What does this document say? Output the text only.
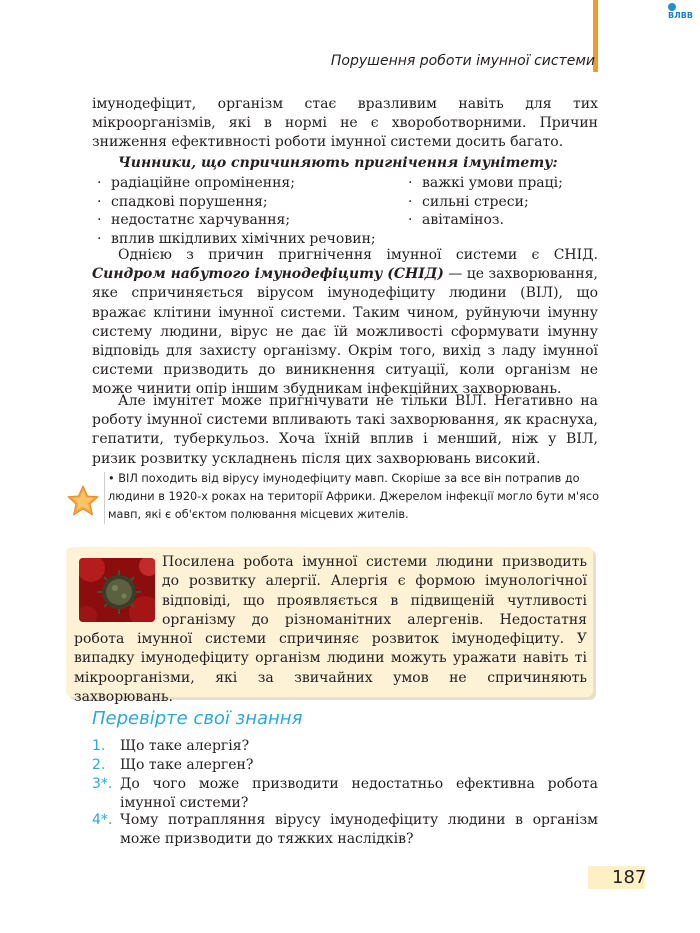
ВЛВВ
Порушення роботи імунної системи

імунодефіцит, організм стає вразливим навіть для тих мікроорганізмів, які в нормі не є хвороботворними. Причин зниження ефективності роботи імунної системи досить багато.

Чинники, що спричиняють пригнічення імунітету:

· радіаційне опромінення;
· спадкові порушення;
· недостатнє харчування;
· вплив шкідливих хімічних речовин;
· важкі умови праці;
· сильні стреси;
· авітаміноз.

Однією з причин пригнічення імунної системи є СНІД. Синдром набутого імунодефіциту (СНІД) — це захворювання, яке спричиняється вірусом імунодефіциту людини (ВІЛ), що вражає клітини імунної системи. Таким чином, руйнуючи імунну систему людини, вірус не дає їй можливості сформувати імунну відповідь для захисту організму. Окрім того, вихід з ладу імунної системи призводить до виникнення ситуації, коли організм не може чинити опір іншим збудникам інфекційних захворювань.

Але імунітет може пригнічувати не тільки ВІЛ. Негативно на роботу імунної системи впливають такі захворювання, як краснуха, гепатити, туберкульоз. Хоча їхній вплив і менший, ніж у ВІЛ, ризик розвитку ускладнень після цих захворювань високий.

• ВІЛ походить від вірусу імунодефіциту мавп. Скоріше за все він потрапив до людини в 1920-х роках на території Африки. Джерелом інфекції могло бути м'ясо мавп, які є об'єктом полювання місцевих жителів.

Посилена робота імунної системи людини призводить до розвитку алергії. Алергія є формою імунологічної відповіді, що проявляється в підвищеній чутливості організму до різноманітних алергенів. Недостатня робота імунної системи спричиняє розвиток імунодефіциту. У випадку імунодефіциту організм людини можуть уражати навіть ті мікроорганізми, які за звичайних умов не спричиняють захворювань.

Перевірте свої знання
1. Що таке алергія?
2. Що таке алерген?
3*. До чого може призводити недостатньо ефективна робота імунної системи?
4*. Чому потрапляння вірусу імунодефіциту людини в організм може призводити до тяжких наслідків?
187
